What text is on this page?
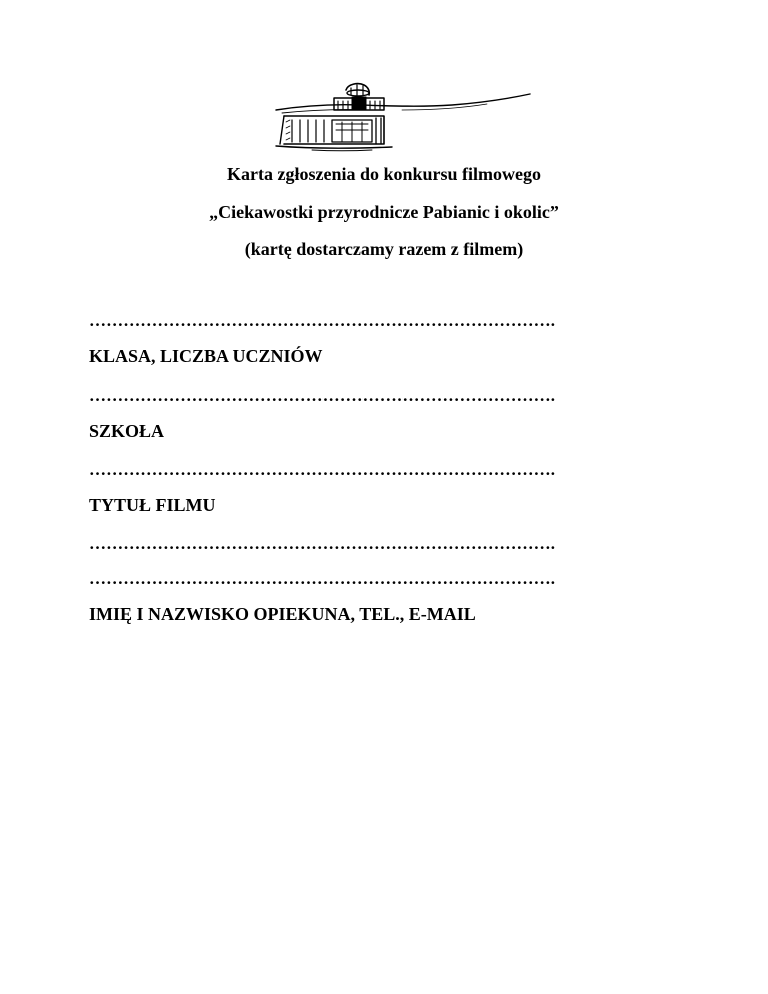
Karta zgłoszenia do konkursu filmowego
„Ciekawostki przyrodnicze Pabianic i okolic”
(kartę dostarczamy razem z filmem)
……………………………………………………………………….
KLASA, LICZBA UCZNIÓW
……………………………………………………………………….
SZKOŁA
……………………………………………………………………….
TYTUŁ FILMU
……………………………………………………………………….
……………………………………………………………………….
IMIĘ I NAZWISKO OPIEKUNA, TEL., E-MAIL
